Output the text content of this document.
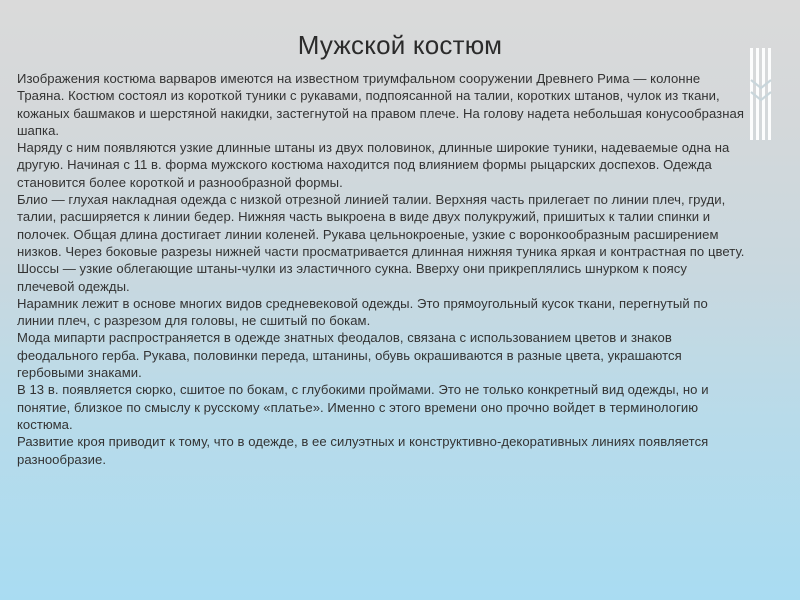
Мужской костюм

Изображения костюма варваров имеются на известном триумфальном сооружении Древнего Рима — колонне Траяна. Костюм состоял из короткой туники с рукавами, подпоясанной на талии, коротких штанов, чулок из ткани, кожаных башмаков и шерстяной накидки, застегнутой на правом плече. На голову надета небольшая конусообразная шапка.

Наряду с ним появляются узкие длинные штаны из двух половинок, длинные широкие туники, надеваемые одна на другую. Начиная с 11 в. форма мужского костюма находится под влиянием формы рыцарских доспехов. Одежда становится более короткой и разнообразной формы.

Блио — глухая накладная одежда с низкой отрезной линией талии. Верхняя часть прилегает по линии плеч, груди, талии, расширяется к линии бедер. Нижняя часть выкроена в виде двух полукружий, пришитых к талии спинки и полочек. Общая длина достигает линии коленей. Рукава цельнокроеные, узкие с воронкообразным расширением низков. Через боковые разрезы нижней части просматривается длинная нижняя туника яркая и контрастная по цвету.

Шоссы — узкие облегающие штаны-чулки из эластичного сукна. Вверху они прикреплялись шнурком к поясу плечевой одежды.

Нарамник лежит в основе многих видов средневековой одежды. Это прямоугольный кусок ткани, перегнутый по линии плеч, с разрезом для головы, не сшитый по бокам.

Мода мипарти распространяется в одежде знатных феодалов, связана с использованием цветов и знаков феодального герба. Рукава, половинки переда, штанины, обувь окрашиваются в разные цвета, украшаются гербовыми знаками.

В 13 в. появляется сюрко, сшитое по бокам, с глубокими проймами. Это не только конкретный вид одежды, но и понятие, близкое по смыслу к русскому «платье». Именно с этого времени оно прочно войдет в терминологию костюма.

Развитие кроя приводит к тому, что в одежде, в ее силуэтных и конструктивно-декоративных линиях появляется разнообразие.
